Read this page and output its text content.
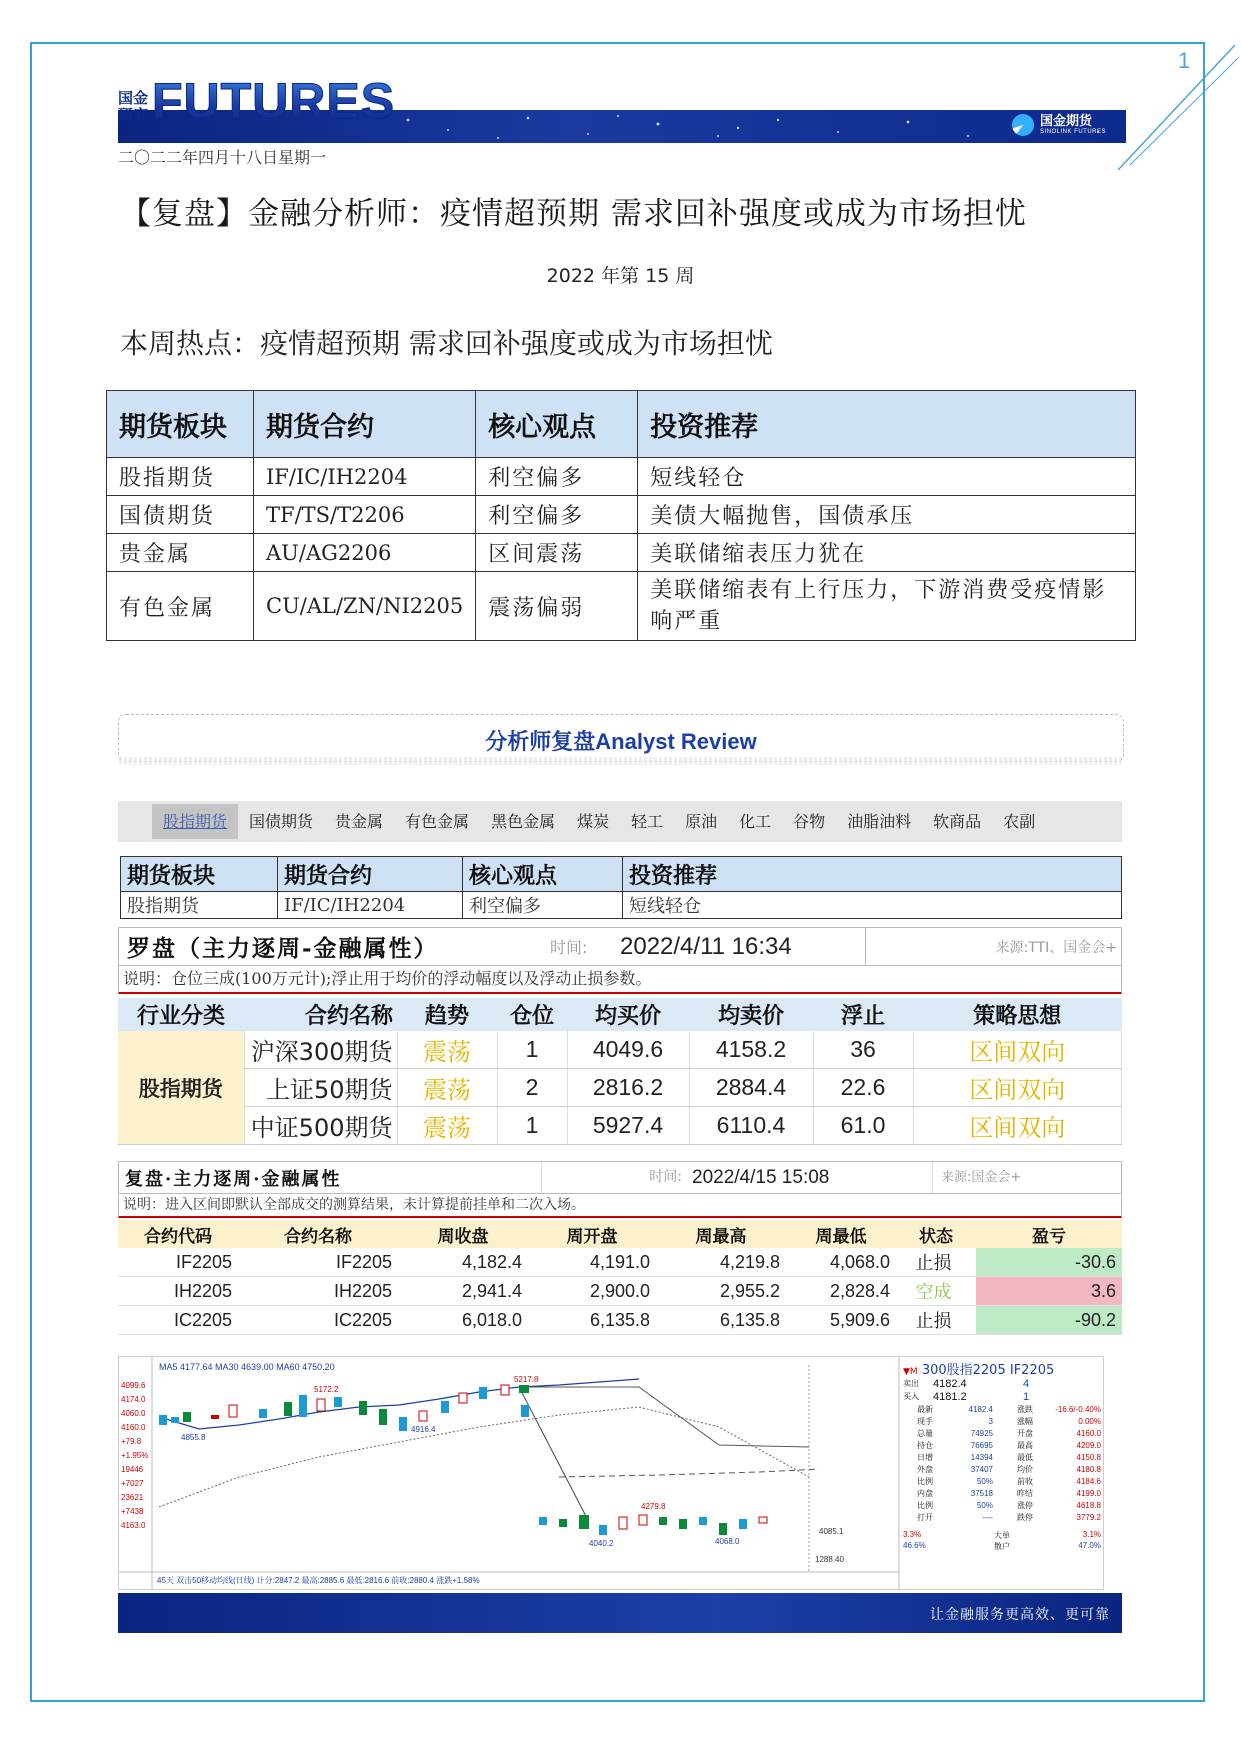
1
国金研究 FUTURES	国金期货
SINOLINK FUTURES
二〇二二年四月十八日星期一
【复盘】金融分析师：疫情超预期 需求回补强度或成为市场担忧
2022 年第 15 周
本周热点：疫情超预期 需求回补强度或成为市场担忧
期货板块	期货合约	核心观点	投资推荐
股指期货	IF/IC/IH2204	利空偏多	短线轻仓
国债期货	TF/TS/T2206	利空偏多	美债大幅抛售，国债承压
贵金属	AU/AG2206	区间震荡	美联储缩表压力犹在
有色金属	CU/AL/ZN/NI2205	震荡偏弱	美联储缩表有上行压力，下游消费受疫情影响严重
分析师复盘Analyst Review
股指期货	国债期货	贵金属	有色金属	黑色金属	煤炭	轻工	原油	化工	谷物	油脂油料	软商品	农副
期货板块	期货合约	核心观点	投资推荐
股指期货	IF/IC/IH2204	利空偏多	短线轻仓
罗盘（主力逐周-金融属性）	时间:	2022/4/11 16:34	来源:TTI、国金会+
说明：仓位三成(100万元计);浮止用于均价的浮动幅度以及浮动止损参数。
行业分类	合约名称	趋势	仓位	均买价	均卖价	浮止	策略思想
股指期货	沪深300期货	震荡	1	4049.6	4158.2	36	区间双向
	上证50期货	震荡	2	2816.2	2884.4	22.6	区间双向
	中证500期货	震荡	1	5927.4	6110.4	61.0	区间双向
复盘·主力逐周·金融属性	时间: 2022/4/15 15:08	来源:国金会+
说明：进入区间即默认全部成交的测算结果，未计算提前挂单和二次入场。
合约代码	合约名称	周收盘	周开盘	周最高	周最低	状态	盈亏
IF2205	IF2205	4,182.4	4,191.0	4,219.8	4,068.0	止损	-30.6
IH2205	IH2205	2,941.4	2,900.0	2,955.2	2,828.4	空成	3.6
IC2205	IC2205	6,018.0	6,135.8	6,135.8	5,909.6	止损	-90.2
MA5 4177.64 MA30 4639.00 MA60 4750.20
4099.6
4174.0
4060.0
4160.0
+79.8
+1.95%
19446
+7027
23621
+7438
4163.0
5172.2
5217.8
4855.8
4916.4
4279.8
4040.2	4068.0
4085.1
1288.40
45天 双击50移动均线(日线) 计分:2847.2 最高:2885.6 最低:2816.6 前收:2880.4 涨跌+1.58%
▼M 300股指2205 IF2205
卖出	4182.4	4
买入	4181.2	1
最新	4182.4	涨跌	-16.6/-0.40%
现手	3	涨幅	0.00%
总量	74925	开盘	4160.0
持仓	76695	最高	4209.0
日增	14394	最低	4150.8
外盘	37407	均价	4180.8
比例	50%	前收	4184.6
内盘	37518	昨结	4199.0
比例	50%	涨停	4618.8
打开	----	跌停	3779.2
3.3%	大单	3.1%
46.6%	散户	47.0%
让金融服务更高效、更可靠
